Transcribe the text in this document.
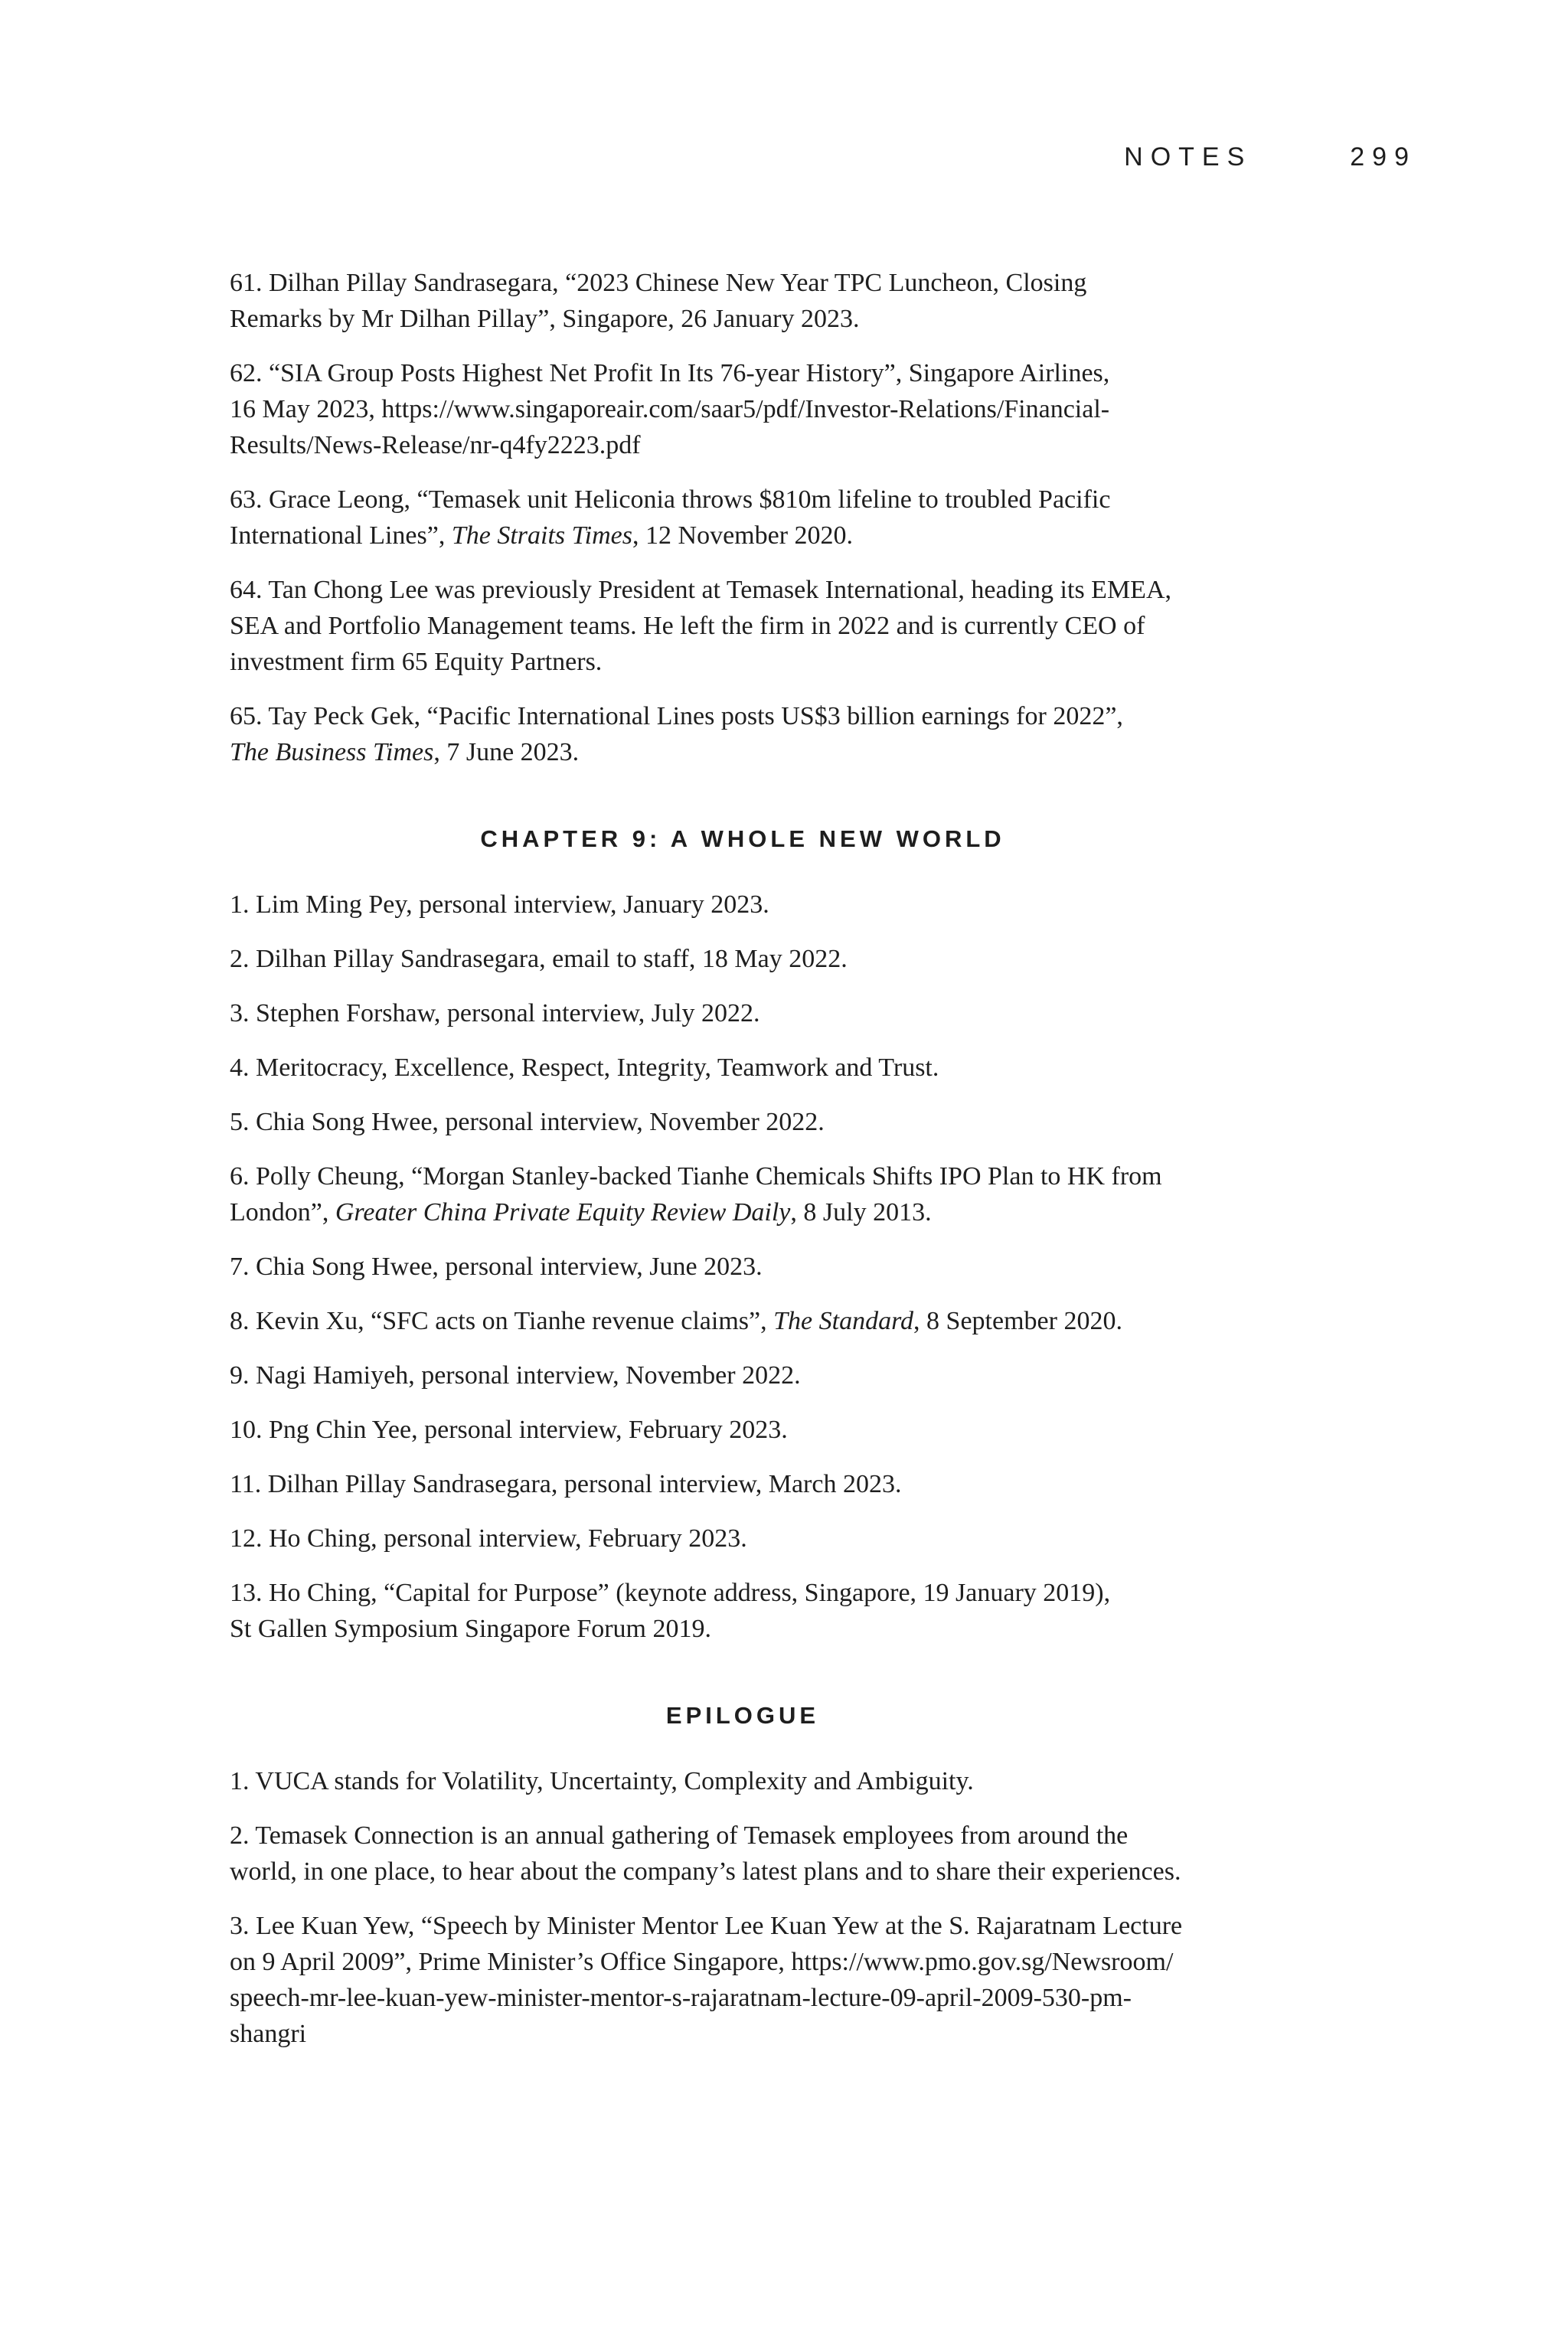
NOTES	299

61. Dilhan Pillay Sandrasegara, “2023 Chinese New Year TPC Luncheon, Closing
Remarks by Mr Dilhan Pillay”, Singapore, 26 January 2023.

62. “SIA Group Posts Highest Net Profit In Its 76-year History”, Singapore Airlines,
16 May 2023, https://www.singaporeair.com/saar5/pdf/Investor-Relations/Financial-
Results/News-Release/nr-q4fy2223.pdf

63. Grace Leong, “Temasek unit Heliconia throws $810m lifeline to troubled Pacific
International Lines”, The Straits Times, 12 November 2020.

64. Tan Chong Lee was previously President at Temasek International, heading its EMEA,
SEA and Portfolio Management teams. He left the firm in 2022 and is currently CEO of
investment firm 65 Equity Partners.

65. Tay Peck Gek, “Pacific International Lines posts US$3 billion earnings for 2022”,
The Business Times, 7 June 2023.

CHAPTER 9: A WHOLE NEW WORLD

1. Lim Ming Pey, personal interview, January 2023.

2. Dilhan Pillay Sandrasegara, email to staff, 18 May 2022.

3. Stephen Forshaw, personal interview, July 2022.

4. Meritocracy, Excellence, Respect, Integrity, Teamwork and Trust.

5. Chia Song Hwee, personal interview, November 2022.

6. Polly Cheung, “Morgan Stanley-backed Tianhe Chemicals Shifts IPO Plan to HK from
London”, Greater China Private Equity Review Daily, 8 July 2013.

7. Chia Song Hwee, personal interview, June 2023.

8. Kevin Xu, “SFC acts on Tianhe revenue claims”, The Standard, 8 September 2020.

9. Nagi Hamiyeh, personal interview, November 2022.

10. Png Chin Yee, personal interview, February 2023.

11. Dilhan Pillay Sandrasegara, personal interview, March 2023.

12. Ho Ching, personal interview, February 2023.

13. Ho Ching, “Capital for Purpose” (keynote address, Singapore, 19 January 2019),
St Gallen Symposium Singapore Forum 2019.

EPILOGUE

1. VUCA stands for Volatility, Uncertainty, Complexity and Ambiguity.

2. Temasek Connection is an annual gathering of Temasek employees from around the
world, in one place, to hear about the company’s latest plans and to share their experiences.

3. Lee Kuan Yew, “Speech by Minister Mentor Lee Kuan Yew at the S. Rajaratnam Lecture
on 9 April 2009”, Prime Minister’s Office Singapore, https://www.pmo.gov.sg/Newsroom/
speech-mr-lee-kuan-yew-minister-mentor-s-rajaratnam-lecture-09-april-2009-530-pm-
shangri
